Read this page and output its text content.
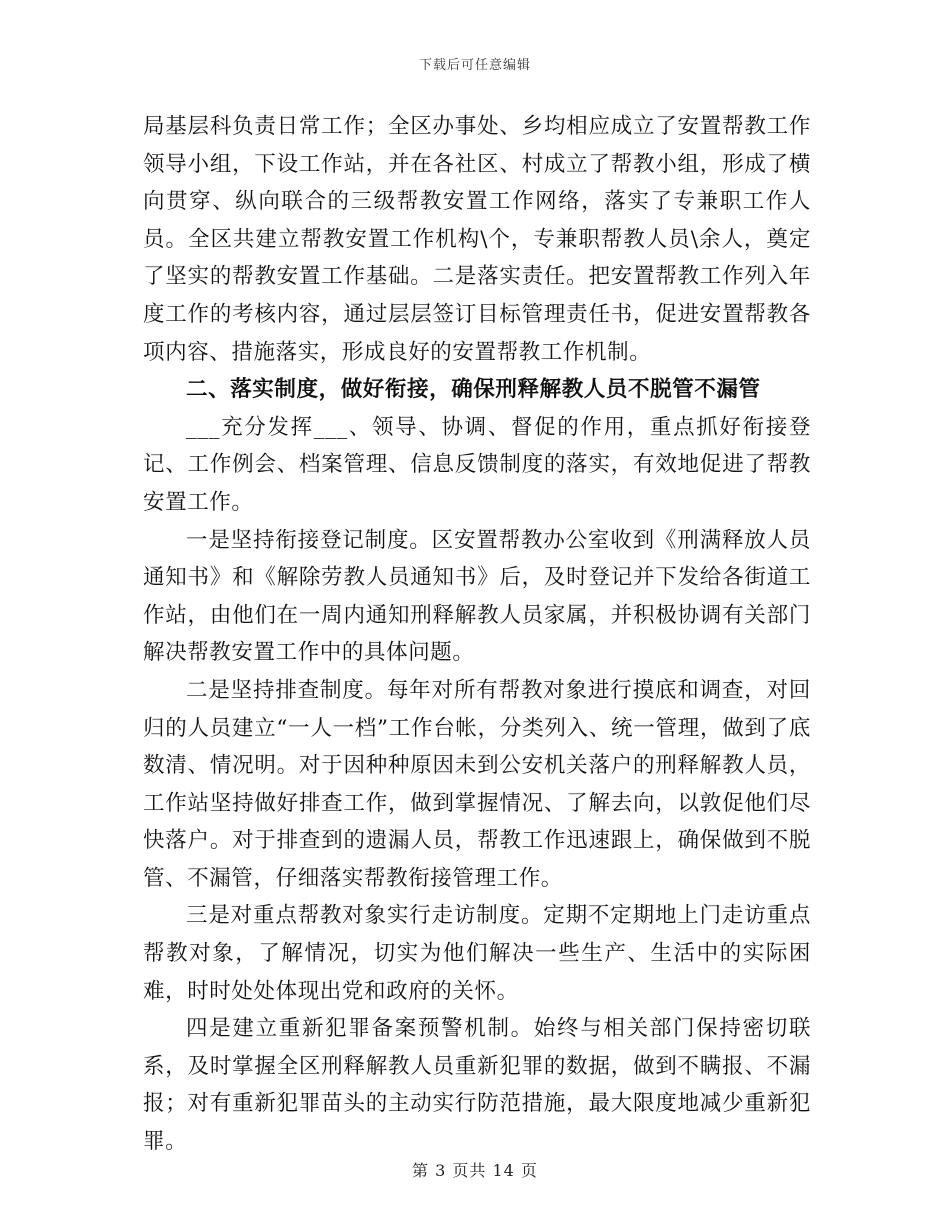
下载后可任意编辑

局基层科负责日常工作；全区办事处、乡均相应成立了安置帮教工作领导小组，下设工作站，并在各社区、村成立了帮教小组，形成了横向贯穿、纵向联合的三级帮教安置工作网络，落实了专兼职工作人员。全区共建立帮教安置工作机构\个，专兼职帮教人员\余人，奠定了坚实的帮教安置工作基础。二是落实责任。把安置帮教工作列入年度工作的考核内容，通过层层签订目标管理责任书，促进安置帮教各项内容、措施落实，形成良好的安置帮教工作机制。

二、落实制度，做好衔接，确保刑释解教人员不脱管不漏管

___充分发挥___、领导、协调、督促的作用，重点抓好衔接登记、工作例会、档案管理、信息反馈制度的落实，有效地促进了帮教安置工作。

一是坚持衔接登记制度。区安置帮教办公室收到《刑满释放人员通知书》和《解除劳教人员通知书》后，及时登记并下发给各街道工作站，由他们在一周内通知刑释解教人员家属，并积极协调有关部门解决帮教安置工作中的具体问题。

二是坚持排查制度。每年对所有帮教对象进行摸底和调查，对回归的人员建立“一人一档”工作台帐，分类列入、统一管理，做到了底数清、情况明。对于因种种原因未到公安机关落户的刑释解教人员，工作站坚持做好排查工作，做到掌握情况、了解去向，以敦促他们尽快落户。对于排查到的遗漏人员，帮教工作迅速跟上，确保做到不脱管、不漏管，仔细落实帮教衔接管理工作。

三是对重点帮教对象实行走访制度。定期不定期地上门走访重点帮教对象，了解情况，切实为他们解决一些生产、生活中的实际困难，时时处处体现出党和政府的关怀。

四是建立重新犯罪备案预警机制。始终与相关部门保持密切联系，及时掌握全区刑释解教人员重新犯罪的数据，做到不瞒报、不漏报；对有重新犯罪苗头的主动实行防范措施，最大限度地减少重新犯罪。

第 3 页共 14 页
